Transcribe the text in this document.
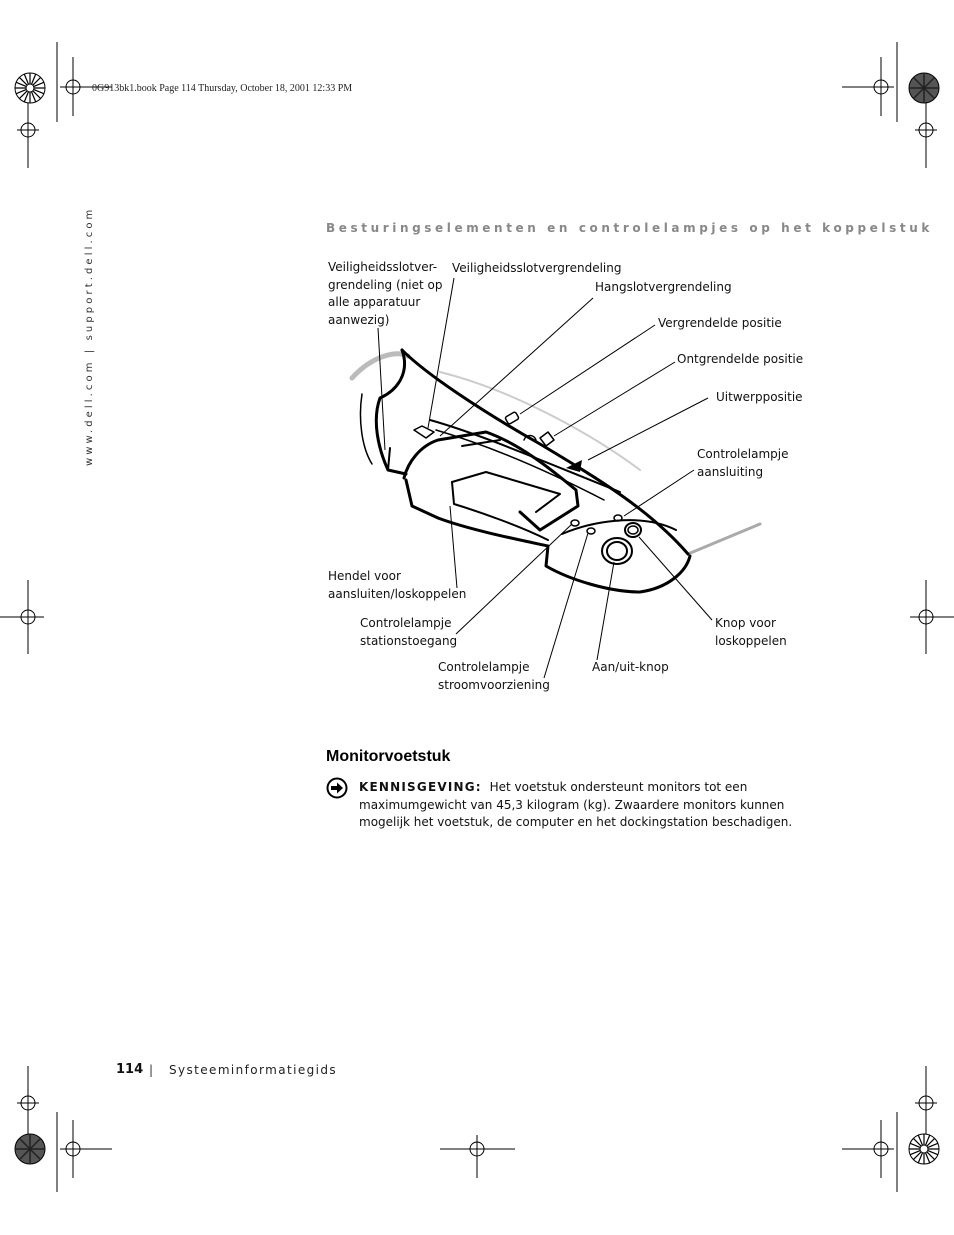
0G913bk1.book Page 114 Thursday, October 18, 2001 12:33 PM
www.dell.com | support.dell.com	Besturingselementen en controlelampjes op het koppelstuk
Veiligheidsslotver-
grendeling (niet op
alle apparatuur
aanwezig)
Veiligheidsslotvergrendeling
Hangslotvergrendeling
Vergrendelde positie
Ontgrendelde positie
Uitwerppositie
Controlelampje
aansluiting
Hendel voor
aansluiten/loskoppelen
Controlelampje
stationstoegang
Knop voor
loskoppelen
Aan/uit-knop
Controlelampje
stroomvoorziening
Monitorvoetstuk
KENNISGEVING: Het voetstuk ondersteunt monitors tot een maximumgewicht van 45,3 kilogram (kg). Zwaardere monitors kunnen mogelijk het voetstuk, de computer en het dockingstation beschadigen.
114 | Systeeminformatiegids
